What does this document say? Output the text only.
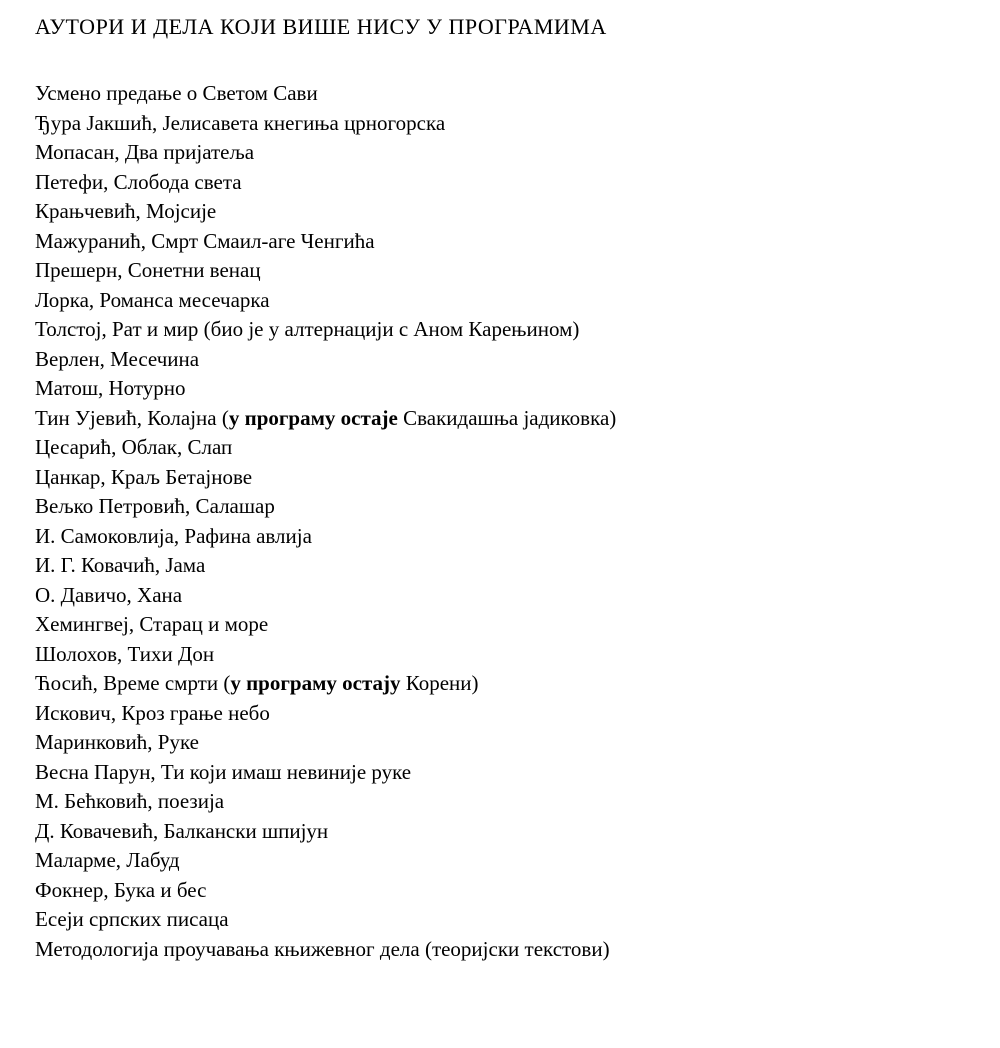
АУТОРИ И ДЕЛА КОЈИ ВИШЕ НИСУ У ПРОГРАМИМА
Усмено предање о Светом Сави
Ђура Јакшић, Јелисавета кнегиња црногорска
Мопасан, Два пријатеља
Петефи, Слобода света
Крањчевић, Мојсије
Мажуранић, Смрт Смаил-аге Ченгића
Прешерн, Сонетни венац
Лорка, Романса месечарка
Толстој, Рат и мир (био је у алтернацији с Аном Карењином)
Верлен, Месечина
Матош, Нотурно
Тин Ујевић, Колајна (у програму остаје Свакидашња јадиковка)
Цесарић, Облак, Слап
Цанкар, Краљ Бетајнове
Вељко Петровић, Салашар
И. Самоковлија, Рафина авлија
И. Г. Ковачић, Јама
О. Давичо, Хана
Хемингвеј, Старац и море
Шолохов, Тихи Дон
Ћосић, Време смрти (у програму остају Корени)
Искович, Кроз грање небо
Маринковић, Руке
Весна Парун, Ти који имаш невиније руке
М. Бећковић, поезија
Д. Ковачевић, Балкански шпијун
Маларме, Лабуд
Фокнер, Бука и бес
Есеји српских писаца
Методологија проучавања књижевног дела (теоријски текстови)
